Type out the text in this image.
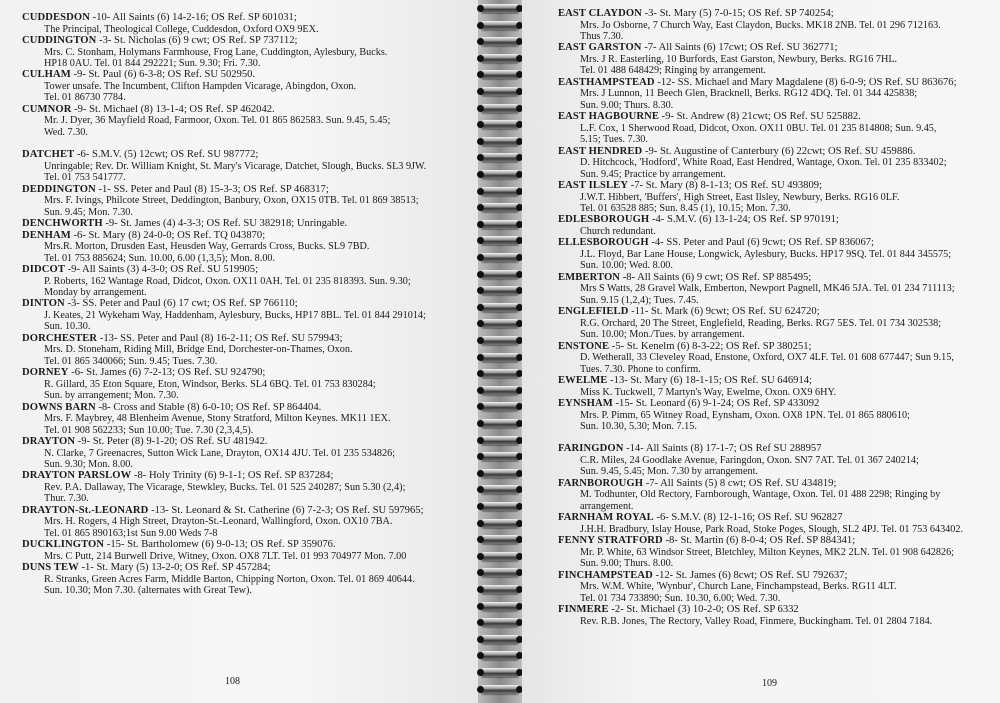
CUDDESDON -10- All Saints (6) 14-2-16; OS Ref. SP 601031;
The Principal, Theological College, Cuddesdon, Oxford OX9 9EX.
CUDDINGTON -3- St. Nicholas (6) 9 cwt; OS Ref. SP 737112;
Mrs. C. Stonham, Holymans Farmhouse, Frog Lane, Cuddington, Aylesbury, Bucks.
HP18 0AU. Tel. 01 844 292221; Sun. 9.30; Fri. 7.30.
CULHAM -9- St. Paul (6) 6-3-8; OS Ref. SU 502950.
Tower unsafe. The Incumbent, Clifton Hampden Vicarage, Abingdon, Oxon.
Tel. 01 86730 7784.
CUMNOR -9- St. Michael (8) 13-1-4; OS Ref. SP 462042.
Mr. J. Dyer, 36 Mayfield Road, Farmoor, Oxon. Tel. 01 865 862583. Sun. 9.45, 5.45;
Wed. 7.30.
DATCHET -6- S.M.V. (5) 12cwt; OS Ref. SU 987772;
Unringable; Rev. Dr. William Knight, St. Mary's Vicarage, Datchet, Slough, Bucks. SL3 9JW.
Tel. 01 753 541777.
DEDDINGTON -1- SS. Peter and Paul (8) 15-3-3; OS Ref. SP 468317;
Mrs. F. Ivings, Philcote Street, Deddington, Banbury, Oxon, OX15 0TB. Tel. 01 869 38513;
Sun. 9.45; Mon. 7.30.
DENCHWORTH -9- St. James (4) 4-3-3; OS Ref. SU 382918; Unringable.
DENHAM -6- St. Mary (8) 24-0-0; OS Ref. TQ 043870;
Mrs.R. Morton, Drusden East, Heusden Way, Gerrards Cross, Bucks. SL9 7BD.
Tel. 01 753 885624; Sun. 10.00, 6.00 (1,3,5); Mon. 8.00.
DIDCOT -9- All Saints (3) 4-3-0; OS Ref. SU 519905;
P. Roberts, 162 Wantage Road, Didcot, Oxon. OX11 0AH. Tel. 01 235 818393. Sun. 9.30;
Monday by arrangement.
DINTON -3- SS. Peter and Paul (6) 17 cwt; OS Ref. SP 766110;
J. Keates, 21 Wykeham Way, Haddenham, Aylesbury, Bucks, HP17 8BL. Tel. 01 844 291014;
Sun. 10.30.
DORCHESTER -13- SS. Peter and Paul (8) 16-2-11; OS Ref. SU 579943;
Mrs. D. Stoneham, Riding Mill, Bridge End, Dorchester-on-Thames, Oxon.
Tel. 01 865 340066; Sun. 9.45; Tues. 7.30.
DORNEY -6- St. James (6) 7-2-13; OS Ref. SU 924790;
R. Gillard, 35 Eton Square, Eton, Windsor, Berks. SL4 6BQ. Tel. 01 753 830284;
Sun. by arrangement; Mon. 7.30.
DOWNS BARN -8- Cross and Stable (8) 6-0-10; OS Ref. SP 864404.
Mrs. F. Maybrey, 48 Blenheim Avenue, Stony Stratford, Milton Keynes. MK11 1EX.
Tel. 01 908 562233; Sun 10.00; Tue. 7.30 (2,3,4,5).
DRAYTON -9- St. Peter (8) 9-1-20; OS Ref. SU 481942.
N. Clarke, 7 Greenacres, Sutton Wick Lane, Drayton, OX14 4JU. Tel. 01 235 534826;
Sun. 9.30; Mon. 8.00.
DRAYTON PARSLOW -8- Holy Trinity (6) 9-1-1; OS Ref. SP 837284;
Rev. P.A. Dallaway, The Vicarage, Stewkley, Bucks. Tel. 01 525 240287; Sun 5.30 (2,4);
Thur. 7.30.
DRAYTON-St.-LEONARD -13- St. Leonard & St. Catherine (6) 7-2-3; OS Ref. SU 597965;
Mrs. H. Rogers, 4 High Street, Drayton-St.-Leonard, Wallingford, Oxon. OX10 7BA.
Tel. 01 865 890163;1st Sun 9.00 Weds 7-8
DUCKLINGTON -15- St. Bartholomew (6) 9-0-13; OS Ref. SP 359076.
Mrs. C Putt, 214 Burwell Drive, Witney, Oxon. OX8 7LT. Tel. 01 993 704977 Mon. 7.00
DUNS TEW -1- St. Mary (5) 13-2-0; OS Ref. SP 457284;
R. Stranks, Green Acres Farm, Middle Barton, Chipping Norton, Oxon. Tel. 01 869 40644.
Sun. 10.30; Mon 7.30. (alternates with Great Tew).
108
EAST CLAYDON -3- St. Mary (5) 7-0-15; OS Ref. SP 740254;
Mrs. Jo Osborne, 7 Church Way, East Claydon, Bucks. MK18 2NB. Tel. 01 296 712163.
Thus 7.30.
EAST GARSTON -7- All Saints (6) 17cwt; OS Ref. SU 362771;
Mrs. J R. Easterling, 10 Burfords, East Garston, Newbury, Berks. RG16 7HL.
Tel. 01 488 648429; Ringing by arrangement.
EASTHAMPSTEAD -12- SS. Michael and Mary Magdalene (8) 6-0-9; OS Ref. SU 863676;
Mrs. J Lunnon, 11 Beech Glen, Bracknell, Berks. RG12 4DQ. Tel. 01 344 425838;
Sun. 9.00; Thurs. 8.30.
EAST HAGBOURNE -9- St. Andrew (8) 21cwt; OS Ref. SU 525882.
L.F. Cox, 1 Sherwood Road, Didcot, Oxon. OX11 0BU. Tel. 01 235 814808; Sun. 9.45,
5.15; Tues. 7.30.
EAST HENDRED -9- St. Augustine of Canterbury (6) 22cwt; OS Ref. SU 459886.
D. Hitchcock, 'Hodford', White Road, East Hendred, Wantage, Oxon. Tel. 01 235 833402;
Sun. 9.45; Practice by arrangement.
EAST ILSLEY -7- St. Mary (8) 8-1-13; OS Ref. SU 493809;
J.W.T. Hibbert, 'Buffers', High Street, East Ilsley, Newbury, Berks. RG16 0LF.
Tel. 01 63528 885; Sun. 8.45 (1), 10.15; Mon. 7.30.
EDLESBOROUGH -4- S.M.V. (6) 13-1-24; OS Ref. SP 970191;
Church redundant.
ELLESBOROUGH -4- SS. Peter and Paul (6) 9cwt; OS Ref. SP 836067;
J.L. Floyd, Bar Lane House, Longwick, Aylesbury, Bucks. HP17 9SQ. Tel. 01 844 345575;
Sun. 10.00; Wed. 8.00.
EMBERTON -8- All Saints (6) 9 cwt; OS Ref. SP 885495;
Mrs S Watts, 28 Gravel Walk, Emberton, Newport Pagnell, MK46 5JA. Tel. 01 234 711113;
Sun. 9.15 (1,2,4); Tues. 7.45.
ENGLEFIELD -11- St. Mark (6) 9cwt; OS Ref. SU 624720;
R.G. Orchard, 20 The Street, Englefield, Reading, Berks. RG7 5ES. Tel. 01 734 302538;
Sun. 10.00; Mon./Tues. by arrangement.
ENSTONE -5- St. Kenelm (6) 8-3-22; OS Ref. SP 380251;
D. Wetherall, 33 Cleveley Road, Enstone, Oxford, OX7 4LF. Tel. 01 608 677447; Sun 9.15,
Tues. 7.30. Phone to confirm.
EWELME -13- St. Mary (6) 18-1-15; OS Ref. SU 646914;
Miss K. Tuckwell, 7 Martyn's Way, Ewelme, Oxon. OX9 6HY.
EYNSHAM -15- St. Leonard (6) 9-1-24; OS Ref. SP 433092
Mrs. P. Pimm, 65 Witney Road, Eynsham, Oxon. OX8 1PN. Tel. 01 865 880610;
Sun. 10.30, 5.30; Mon. 7.15.
FARINGDON -14- All Saints (8) 17-1-7; OS Ref SU 288957
C.R. Miles, 24 Goodlake Avenue, Faringdon, Oxon. SN7 7AT. Tel. 01 367 240214;
Sun. 9.45, 5.45; Mon. 7.30 by arrangement.
FARNBOROUGH -7- All Saints (5) 8 cwt; OS Ref. SU 434819;
M. Todhunter, Old Rectory, Farnborough, Wantage, Oxon. Tel. 01 488 2298; Ringing by
arrangement.
FARNHAM ROYAL -6- S.M.V. (8) 12-1-16; OS Ref. SU 962827
J.H.H. Bradbury, Islay House, Park Road, Stoke Poges, Slough, SL2 4PJ. Tel. 01 753 643402.
FENNY STRATFORD -8- St. Martin (6) 8-0-4; OS Ref. SP 884341;
Mr. P. White, 63 Windsor Street, Bletchley, Milton Keynes, MK2 2LN. Tel. 01 908 642826;
Sun. 9.00; Thurs. 8.00.
FINCHAMPSTEAD -12- St. James (6) 8cwt; OS Ref. SU 792637;
Mrs. W.M. White, 'Wynbur', Church Lane, Finchampstead, Berks. RG11 4LT.
Tel. 01 734 733890; Sun. 10.30, 6.00; Wed. 7.30.
FINMERE -2- St. Michael (3) 10-2-0; OS Ref. SP 6332
Rev. R.B. Jones, The Rectory, Valley Road, Finmere, Buckingham. Tel. 01 2804 7184.
109
